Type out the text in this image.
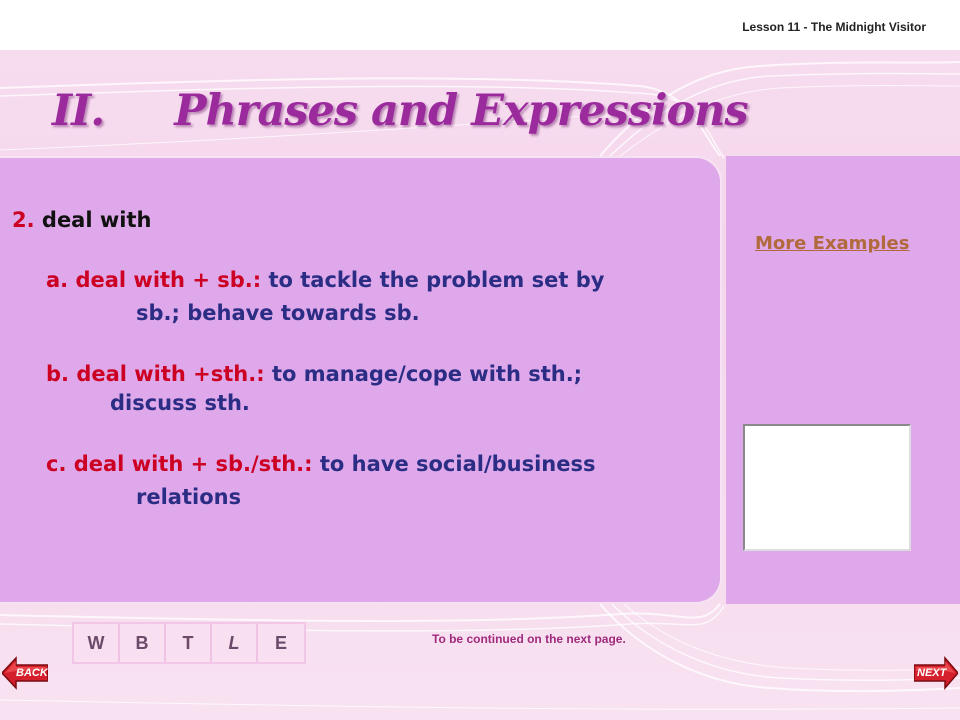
Lesson 11 - The Midnight Visitor
II. Phrases and Expressions
2. deal with
a. deal with + sb.: to tackle the problem set by
sb.; behave towards sb.
b. deal with +sth.: to manage/cope with sth.;
discuss sth.
c. deal with + sb./sth.: to have social/business
relations
More Examples
W	B	T	L	E	To be continued on the next page.
BACK	NEXT
